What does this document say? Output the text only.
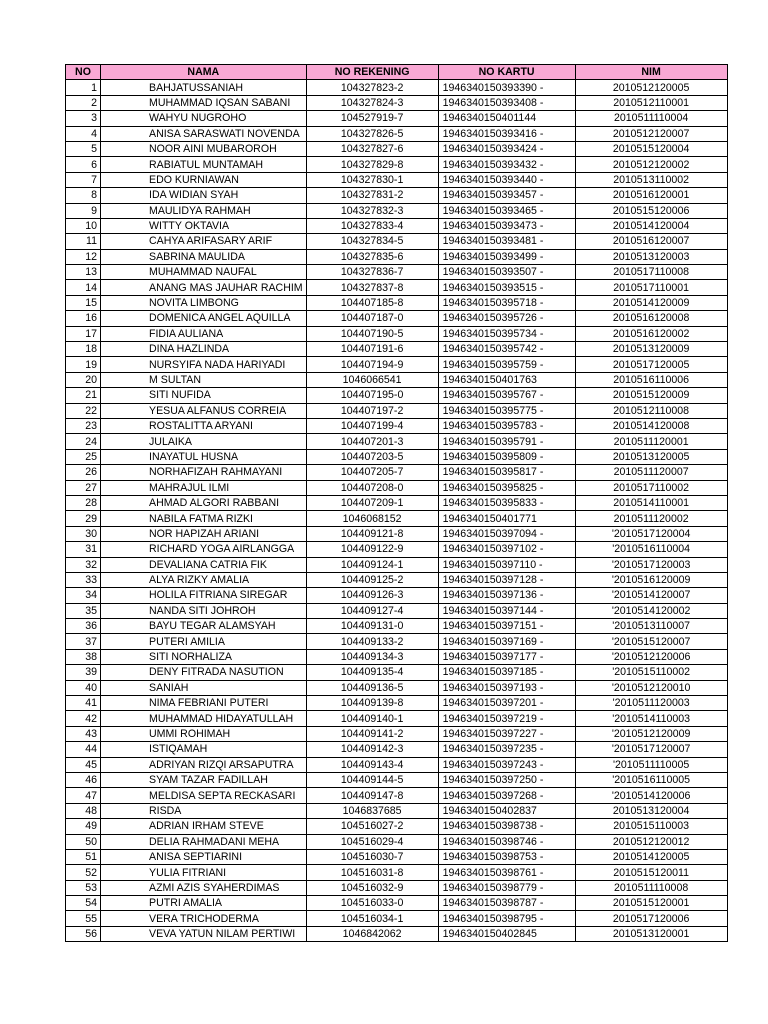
NO	NAMA	NO REKENING	NO KARTU	NIM
1	BAHJATUSSANIAH	104327823-2	1946340150393390 -	2010512120005
2	MUHAMMAD IQSAN SABANI	104327824-3	1946340150393408 -	2010512110001
3	WAHYU NUGROHO	104527919-7	1946340150401144	2010511110004
4	ANISA SARASWATI NOVENDA	104327826-5	1946340150393416 -	2010512120007
5	NOOR AINI MUBAROROH	104327827-6	1946340150393424 -	2010515120004
6	RABIATUL MUNTAMAH	104327829-8	1946340150393432 -	2010512120002
7	EDO KURNIAWAN	104327830-1	1946340150393440 -	2010513110002
8	IDA WIDIAN SYAH	104327831-2	1946340150393457 -	2010516120001
9	MAULIDYA RAHMAH	104327832-3	1946340150393465 -	2010515120006
10	WITTY OKTAVIA	104327833-4	1946340150393473 -	2010514120004
11	CAHYA ARIFASARY ARIF	104327834-5	1946340150393481 -	2010516120007
12	SABRINA MAULIDA	104327835-6	1946340150393499 -	2010513120003
13	MUHAMMAD NAUFAL	104327836-7	1946340150393507 -	2010517110008
14	ANANG MAS JAUHAR RACHIM	104327837-8	1946340150393515 -	2010517110001
15	NOVITA LIMBONG	104407185-8	1946340150395718 -	2010514120009
16	DOMENICA ANGEL AQUILLA	104407187-0	1946340150395726 -	2010516120008
17	FIDIA AULIANA	104407190-5	1946340150395734 -	2010516120002
18	DINA HAZLINDA	104407191-6	1946340150395742 -	2010513120009
19	NURSYIFA NADA HARIYADI	104407194-9	1946340150395759 -	2010517120005
20	M SULTAN	1046066541	1946340150401763	2010516110006
21	SITI NUFIDA	104407195-0	1946340150395767 -	2010515120009
22	YESUA ALFANUS CORREIA	104407197-2	1946340150395775 -	2010512110008
23	ROSTALITTA ARYANI	104407199-4	1946340150395783 -	2010514120008
24	JULAIKA	104407201-3	1946340150395791 -	2010511120001
25	INAYATUL HUSNA	104407203-5	1946340150395809 -	2010513120005
26	NORHAFIZAH RAHMAYANI	104407205-7	1946340150395817 -	2010511120007
27	MAHRAJUL ILMI	104407208-0	1946340150395825 -	2010517110002
28	AHMAD ALGORI RABBANI	104407209-1	1946340150395833 -	2010514110001
29	NABILA FATMA RIZKI	1046068152	1946340150401771	2010511120002
30	NOR HAPIZAH ARIANI	104409121-8	1946340150397094 -	'2010517120004
31	RICHARD YOGA AIRLANGGA	104409122-9	1946340150397102 -	'2010516110004
32	DEVALIANA CATRIA FIK	104409124-1	1946340150397110 -	'2010517120003
33	ALYA RIZKY AMALIA	104409125-2	1946340150397128 -	'2010516120009
34	HOLILA FITRIANA SIREGAR	104409126-3	1946340150397136 -	'2010514120007
35	NANDA SITI JOHROH	104409127-4	1946340150397144 -	'2010514120002
36	BAYU TEGAR ALAMSYAH	104409131-0	1946340150397151 -	'2010513110007
37	PUTERI AMILIA	104409133-2	1946340150397169 -	'2010515120007
38	SITI NORHALIZA	104409134-3	1946340150397177 -	'2010512120006
39	DENY FITRADA NASUTION	104409135-4	1946340150397185 -	'2010515110002
40	SANIAH	104409136-5	1946340150397193 -	'2010512120010
41	NIMA FEBRIANI PUTERI	104409139-8	1946340150397201 -	'2010511120003
42	MUHAMMAD HIDAYATULLAH	104409140-1	1946340150397219 -	'2010514110003
43	UMMI ROHIMAH	104409141-2	1946340150397227 -	'2010512120009
44	ISTIQAMAH	104409142-3	1946340150397235 -	'2010517120007
45	ADRIYAN RIZQI ARSAPUTRA	104409143-4	1946340150397243 -	'2010511110005
46	SYAM TAZAR FADILLAH	104409144-5	1946340150397250 -	'2010516110005
47	MELDISA SEPTA RECKASARI	104409147-8	1946340150397268 -	'2010514120006
48	RISDA	1046837685	1946340150402837	2010513120004
49	ADRIAN IRHAM STEVE	104516027-2	1946340150398738 -	2010515110003
50	DELIA RAHMADANI MEHA	104516029-4	1946340150398746 -	2010512120012
51	ANISA SEPTIARINI	104516030-7	1946340150398753 -	2010514120005
52	YULIA FITRIANI	104516031-8	1946340150398761 -	2010515120011
53	AZMI AZIS SYAHERDIMAS	104516032-9	1946340150398779 -	2010511110008
54	PUTRI AMALIA	104516033-0	1946340150398787 -	2010515120001
55	VERA TRICHODERMA	104516034-1	1946340150398795 -	2010517120006
56	VEVA YATUN NILAM PERTIWI	1046842062	1946340150402845	2010513120001
